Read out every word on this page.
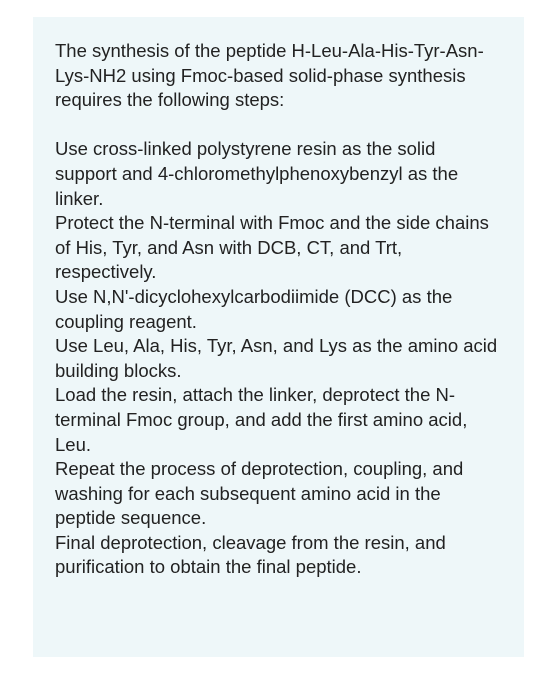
The synthesis of the peptide H-Leu-Ala-His-Tyr-Asn-Lys-NH2 using Fmoc-based solid-phase synthesis requires the following steps:

Use cross-linked polystyrene resin as the solid support and 4-chloromethylphenoxybenzyl as the linker.

Protect the N-terminal with Fmoc and the side chains of His, Tyr, and Asn with DCB, CT, and Trt, respectively.

Use N,N'-dicyclohexylcarbodiimide (DCC) as the coupling reagent.

Use Leu, Ala, His, Tyr, Asn, and Lys as the amino acid building blocks.

Load the resin, attach the linker, deprotect the N-terminal Fmoc group, and add the first amino acid, Leu.

Repeat the process of deprotection, coupling, and washing for each subsequent amino acid in the peptide sequence.

Final deprotection, cleavage from the resin, and purification to obtain the final peptide.
